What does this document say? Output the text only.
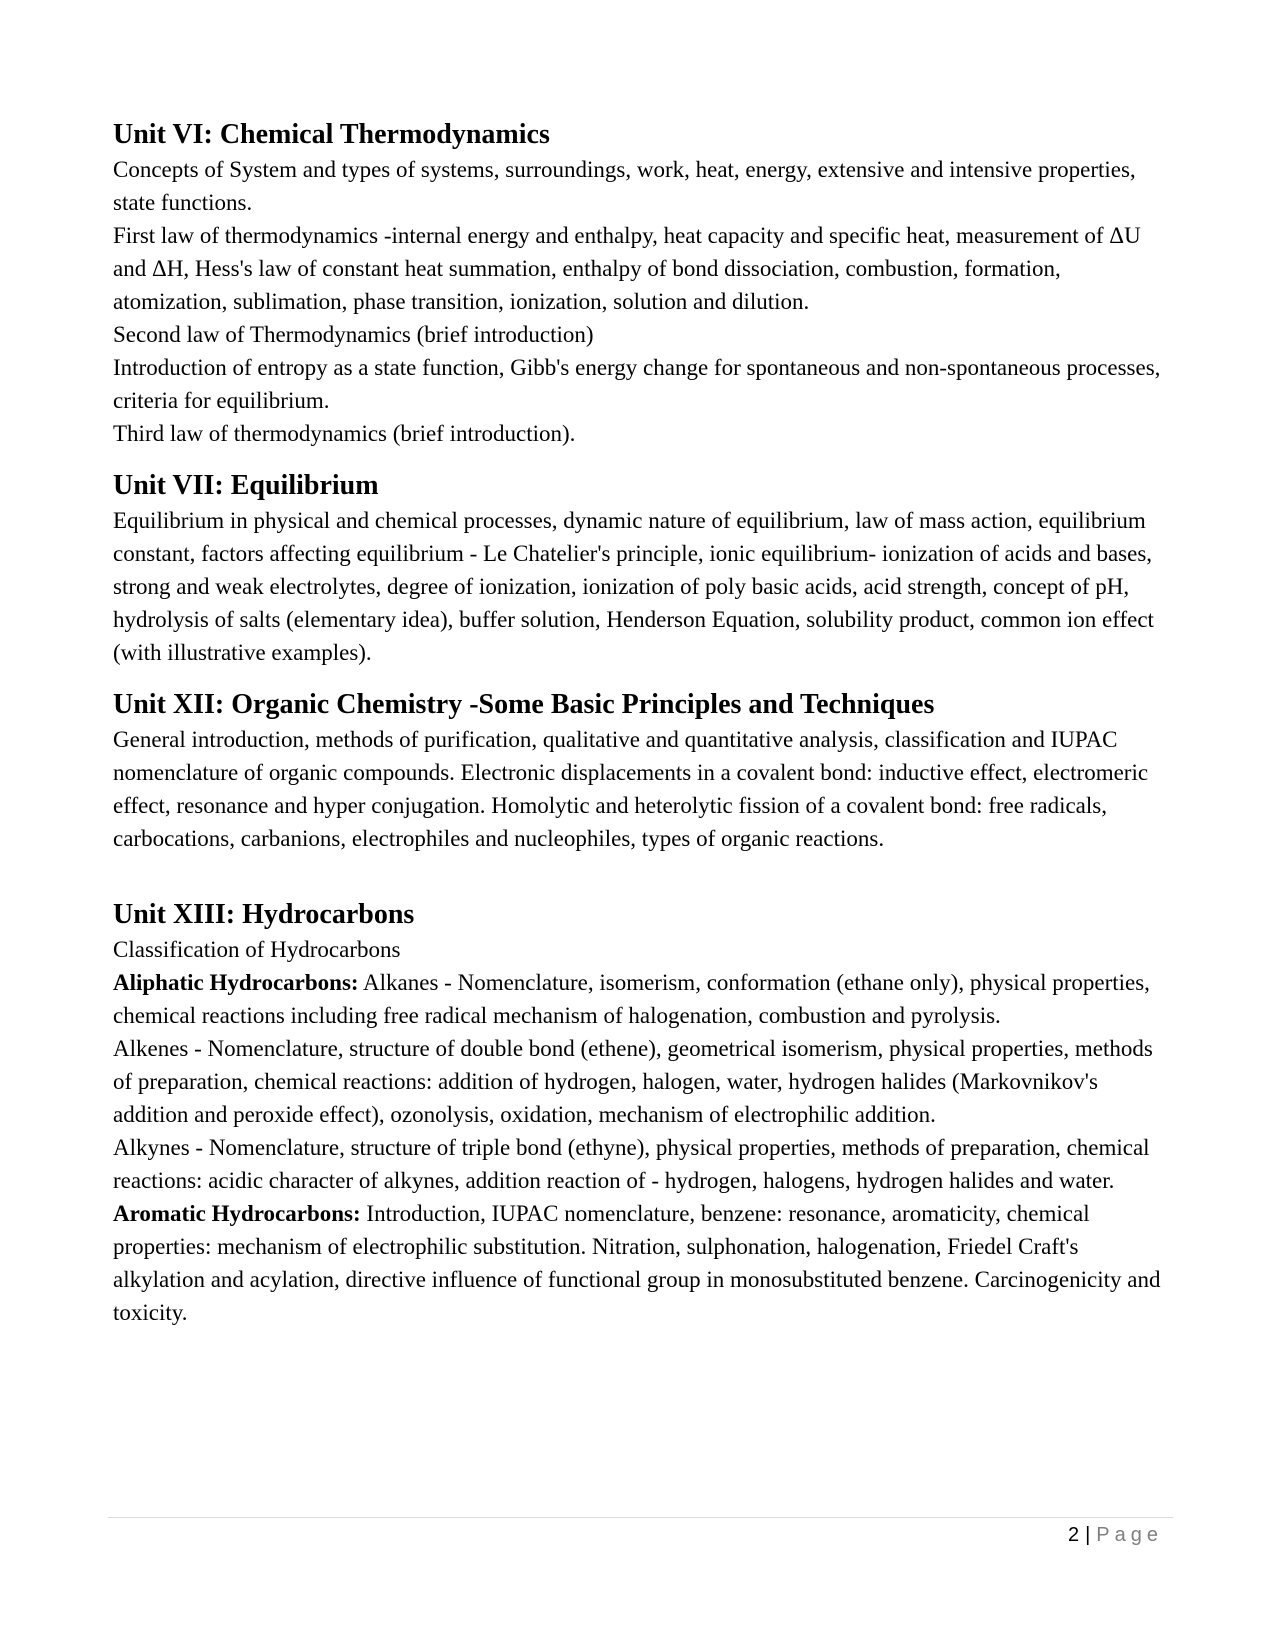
Unit VI: Chemical Thermodynamics

Concepts of System and types of systems, surroundings, work, heat, energy, extensive and intensive properties, state functions.

First law of thermodynamics -internal energy and enthalpy, heat capacity and specific heat, measurement of ΔU and ΔH, Hess's law of constant heat summation, enthalpy of bond dissociation, combustion, formation, atomization, sublimation, phase transition, ionization, solution and dilution.

Second law of Thermodynamics (brief introduction)

Introduction of entropy as a state function, Gibb's energy change for spontaneous and non-spontaneous processes, criteria for equilibrium.

Third law of thermodynamics (brief introduction).

Unit VII: Equilibrium

Equilibrium in physical and chemical processes, dynamic nature of equilibrium, law of mass action, equilibrium constant, factors affecting equilibrium - Le Chatelier's principle, ionic equilibrium- ionization of acids and bases, strong and weak electrolytes, degree of ionization, ionization of poly basic acids, acid strength, concept of pH, hydrolysis of salts (elementary idea), buffer solution, Henderson Equation, solubility product, common ion effect (with illustrative examples).

Unit XII: Organic Chemistry -Some Basic Principles and Techniques

General introduction, methods of purification, qualitative and quantitative analysis, classification and IUPAC nomenclature of organic compounds. Electronic displacements in a covalent bond: inductive effect, electromeric effect, resonance and hyper conjugation. Homolytic and heterolytic fission of a covalent bond: free radicals, carbocations, carbanions, electrophiles and nucleophiles, types of organic reactions.

Unit XIII: Hydrocarbons

Classification of Hydrocarbons

Aliphatic Hydrocarbons: Alkanes - Nomenclature, isomerism, conformation (ethane only), physical properties, chemical reactions including free radical mechanism of halogenation, combustion and pyrolysis.

Alkenes - Nomenclature, structure of double bond (ethene), geometrical isomerism, physical properties, methods of preparation, chemical reactions: addition of hydrogen, halogen, water, hydrogen halides (Markovnikov's addition and peroxide effect), ozonolysis, oxidation, mechanism of electrophilic addition.

Alkynes - Nomenclature, structure of triple bond (ethyne), physical properties, methods of preparation, chemical reactions: acidic character of alkynes, addition reaction of - hydrogen, halogens, hydrogen halides and water.

Aromatic Hydrocarbons: Introduction, IUPAC nomenclature, benzene: resonance, aromaticity, chemical properties: mechanism of electrophilic substitution. Nitration, sulphonation, halogenation, Friedel Craft's alkylation and acylation, directive influence of functional group in monosubstituted benzene. Carcinogenicity and toxicity.

2 | Page
